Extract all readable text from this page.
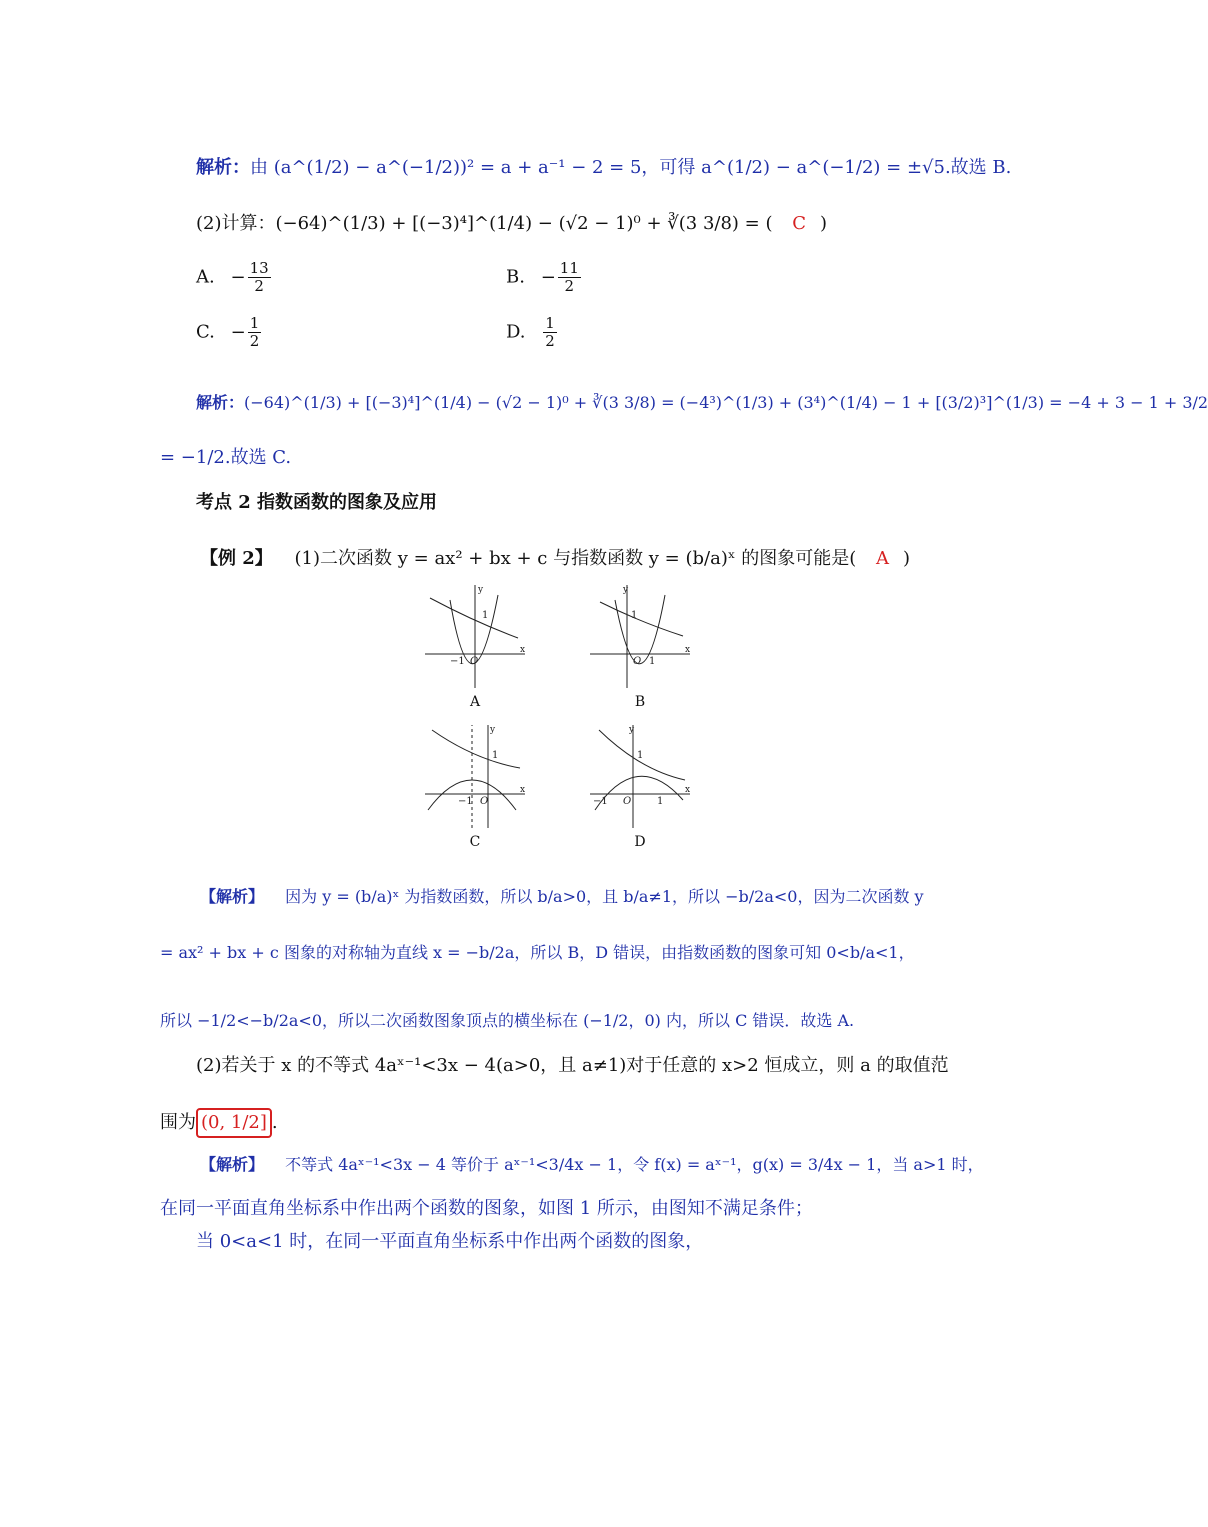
解析：由 (a^(1/2) − a^(−1/2))² = a + a⁻¹ − 2 = 5，可得 a^(1/2) − a^(−1/2) = ±√5.故选 B.
(2)计算：(−64)^(1/3) + [(−3)⁴]^(1/4) − (√2 − 1)⁰ + ∛(3 3/8) = ( C )
A. − $\frac{13}{2}$	B. − $\frac{11}{2}$
C. − $\frac{1}{2}$	D. $\frac{1}{2}$
解析：(−64)^(1/3) + [(−3)⁴]^(1/4) − (√2 − 1)⁰ + ∛(3 3/8) = (−4³)^(1/3) + (3⁴)^(1/4) − 1 + [(3/2)³]^(1/3) = −4 + 3 − 1 + 3/2
= −1/2.故选 C.
考点 2 指数函数的图象及应用
【例 2】 (1)二次函数 y = ax² + bx + c 与指数函数 y = (b/a)ˣ 的图象可能是( A )
y
x
1
−1 O
A
y
x
1
O 1
B
y
x
1
−1 O
C
y
x
1
−1 O	1
D
【解析】 因为 y = (b/a)ˣ 为指数函数，所以 b/a>0，且 b/a≠1，所以 −b/2a<0，因为二次函数 y
= ax² + bx + c 图象的对称轴为直线 x = −b/2a，所以 B，D 错误，由指数函数的图象可知 0<b/a<1，
所以 −1/2<−b/2a<0，所以二次函数图象顶点的横坐标在 (−1/2，0) 内，所以 C 错误．故选 A.
(2)若关于 x 的不等式 4aˣ⁻¹<3x − 4(a>0，且 a≠1)对于任意的 x>2 恒成立，则 a 的取值范
围为 (0, 1/2] .
【解析】 不等式 4aˣ⁻¹<3x − 4 等价于 aˣ⁻¹<3/4x − 1，令 f(x) = aˣ⁻¹，g(x) = 3/4x − 1，当 a>1 时，
在同一平面直角坐标系中作出两个函数的图象，如图 1 所示，由图知不满足条件；
当 0<a<1 时，在同一平面直角坐标系中作出两个函数的图象，
